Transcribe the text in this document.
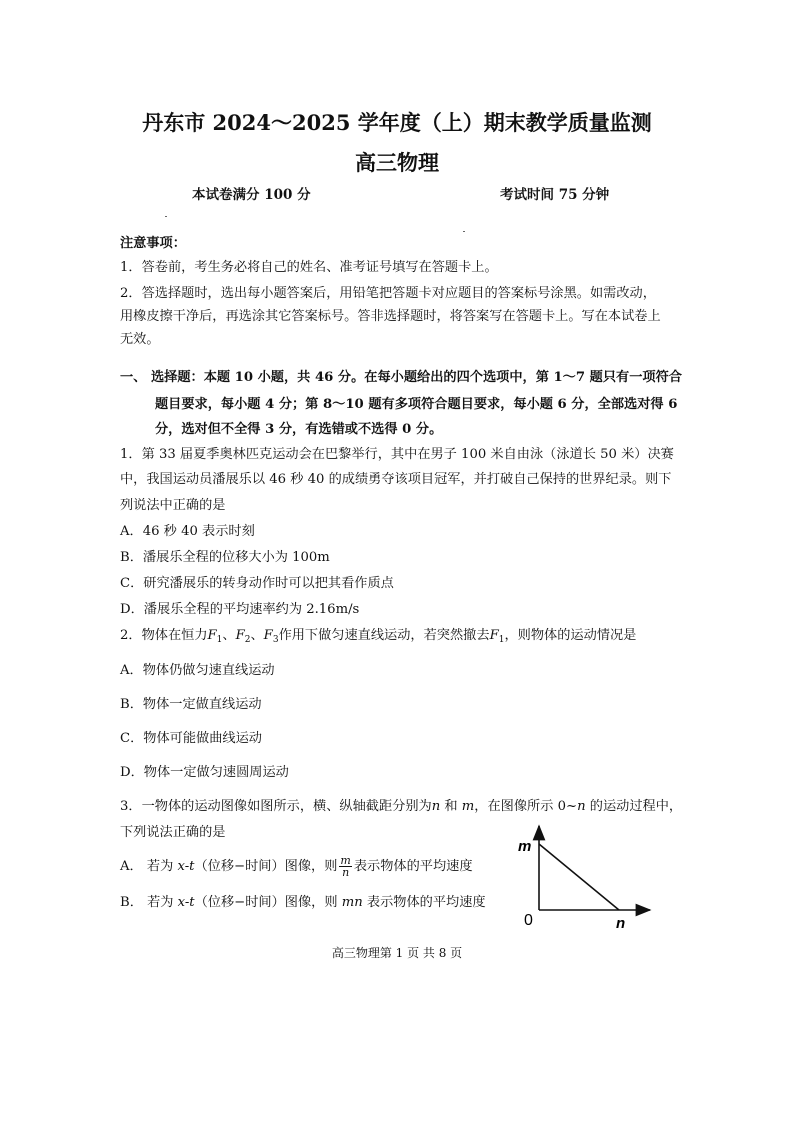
丹东市 2024～2025 学年度（上）期末教学质量监测
高三物理
本试卷满分 100 分	考试时间 75 分钟
注意事项：
1．答卷前，考生务必将自己的姓名、准考证号填写在答题卡上。
2．答选择题时，选出每小题答案后，用铅笔把答题卡对应题目的答案标号涂黑。如需改动，
用橡皮擦干净后，再选涂其它答案标号。答非选择题时，将答案写在答题卡上。写在本试卷上
无效。
一、 选择题：本题 10 小题，共 46 分。在每小题给出的四个选项中，第 1～7 题只有一项符合
题目要求，每小题 4 分；第 8～10 题有多项符合题目要求，每小题 6 分，全部选对得 6
分，选对但不全得 3 分，有选错或不选得 0 分。
1．第 33 届夏季奥林匹克运动会在巴黎举行，其中在男子 100 米自由泳（泳道长 50 米）决赛
中，我国运动员潘展乐以 46 秒 40 的成绩勇夺该项目冠军，并打破自己保持的世界纪录。则下
列说法中正确的是
A．46 秒 40 表示时刻
B．潘展乐全程的位移大小为 100m
C．研究潘展乐的转身动作时可以把其看作质点
D．潘展乐全程的平均速率约为 2.16m/s
2．物体在恒力$F_1$、$F_2$、$F_3$作用下做匀速直线运动，若突然撤去$F_1$，则物体的运动情况是
A．物体仍做匀速直线运动
B．物体一定做直线运动
C．物体可能做曲线运动
D．物体一定做匀速圆周运动
3．一物体的运动图像如图所示，横、纵轴截距分别为n 和 m，在图像所示 0~n 的运动过程中，
下列说法正确的是
A． 若为 x-t（位移−时间）图像，则 $\frac{m}{n}$ 表示物体的平均速度
B． 若为 x-t（位移−时间）图像，则 mn 表示物体的平均速度
m
0	n
高三物理第 1 页 共 8 页
